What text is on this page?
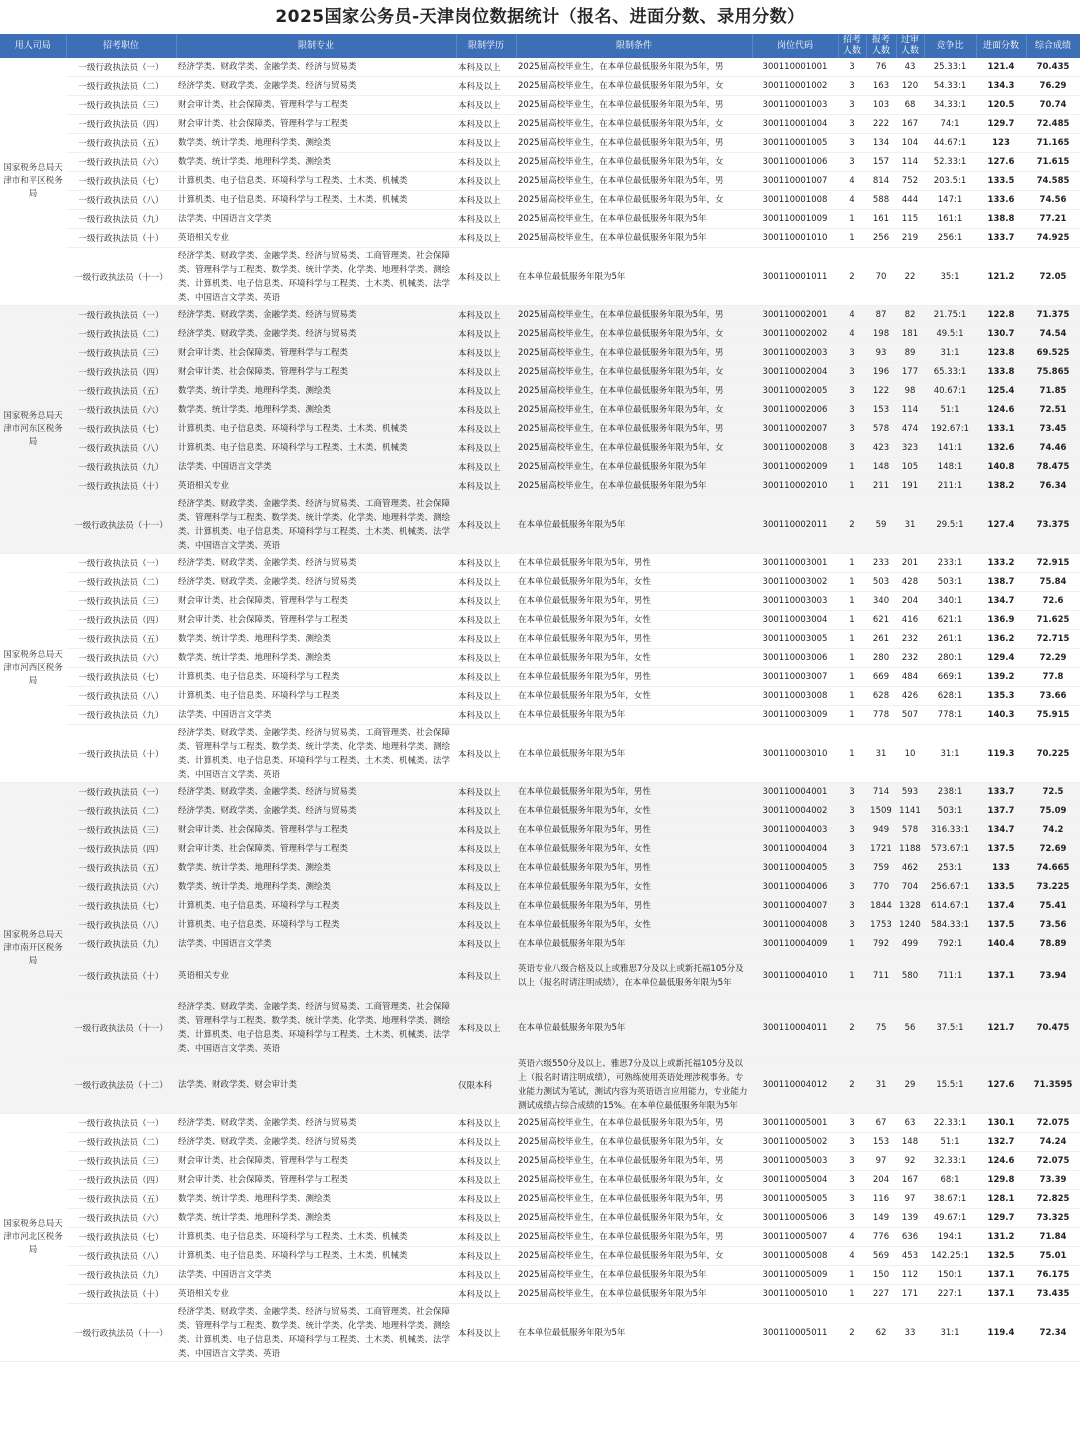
2025国家公务员-天津岗位数据统计（报名、进面分数、录用分数）
用人司局	招考职位	限制专业	限制学历	限制条件	岗位代码	招考人数	报考人数	过审人数	竞争比	进面分数	综合成绩
国家税务总局天津市和平区税务局	一级行政执法员（一）	经济学类、财政学类、金融学类、经济与贸易类	本科及以上	2025届高校毕业生，在本单位最低服务年限为5年，男	300110001001	3	76	43	25.33:1	121.4	70.435
	一级行政执法员（二）	经济学类、财政学类、金融学类、经济与贸易类	本科及以上	2025届高校毕业生，在本单位最低服务年限为5年，女	300110001002	3	163	120	54.33:1	134.3	76.29
	一级行政执法员（三）	财会审计类、社会保障类、管理科学与工程类	本科及以上	2025届高校毕业生，在本单位最低服务年限为5年，男	300110001003	3	103	68	34.33:1	120.5	70.74
	一级行政执法员（四）	财会审计类、社会保障类、管理科学与工程类	本科及以上	2025届高校毕业生，在本单位最低服务年限为5年，女	300110001004	3	222	167	74:1	129.7	72.485
	一级行政执法员（五）	数学类、统计学类、地理科学类、测绘类	本科及以上	2025届高校毕业生，在本单位最低服务年限为5年，男	300110001005	3	134	104	44.67:1	123	71.165
	一级行政执法员（六）	数学类、统计学类、地理科学类、测绘类	本科及以上	2025届高校毕业生，在本单位最低服务年限为5年，女	300110001006	3	157	114	52.33:1	127.6	71.615
	一级行政执法员（七）	计算机类、电子信息类、环境科学与工程类、土木类、机械类	本科及以上	2025届高校毕业生，在本单位最低服务年限为5年，男	300110001007	4	814	752	203.5:1	133.5	74.585
	一级行政执法员（八）	计算机类、电子信息类、环境科学与工程类、土木类、机械类	本科及以上	2025届高校毕业生，在本单位最低服务年限为5年，女	300110001008	4	588	444	147:1	133.6	74.56
	一级行政执法员（九）	法学类、中国语言文学类	本科及以上	2025届高校毕业生，在本单位最低服务年限为5年	300110001009	1	161	115	161:1	138.8	77.21
	一级行政执法员（十）	英语相关专业	本科及以上	2025届高校毕业生，在本单位最低服务年限为5年	300110001010	1	256	219	256:1	133.7	74.925
	一级行政执法员（十一）	经济学类、财政学类、金融学类、经济与贸易类、工商管理类、社会保障类、管理科学与工程类、数学类、统计学类、化学类、地理科学类、测绘类、计算机类、电子信息类、环境科学与工程类、土木类、机械类、法学类、中国语言文学类、英语	本科及以上	在本单位最低服务年限为5年	300110001011	2	70	22	35:1	121.2	72.05
国家税务总局天津市河东区税务局	一级行政执法员（一）	经济学类、财政学类、金融学类、经济与贸易类	本科及以上	2025届高校毕业生，在本单位最低服务年限为5年，男	300110002001	4	87	82	21.75:1	122.8	71.375
	一级行政执法员（二）	经济学类、财政学类、金融学类、经济与贸易类	本科及以上	2025届高校毕业生，在本单位最低服务年限为5年，女	300110002002	4	198	181	49.5:1	130.7	74.54
	一级行政执法员（三）	财会审计类、社会保障类、管理科学与工程类	本科及以上	2025届高校毕业生，在本单位最低服务年限为5年，男	300110002003	3	93	89	31:1	123.8	69.525
	一级行政执法员（四）	财会审计类、社会保障类、管理科学与工程类	本科及以上	2025届高校毕业生，在本单位最低服务年限为5年，女	300110002004	3	196	177	65.33:1	133.8	75.865
	一级行政执法员（五）	数学类、统计学类、地理科学类、测绘类	本科及以上	2025届高校毕业生，在本单位最低服务年限为5年，男	300110002005	3	122	98	40.67:1	125.4	71.85
	一级行政执法员（六）	数学类、统计学类、地理科学类、测绘类	本科及以上	2025届高校毕业生，在本单位最低服务年限为5年，女	300110002006	3	153	114	51:1	124.6	72.51
	一级行政执法员（七）	计算机类、电子信息类、环境科学与工程类、土木类、机械类	本科及以上	2025届高校毕业生，在本单位最低服务年限为5年，男	300110002007	3	578	474	192.67:1	133.1	73.45
	一级行政执法员（八）	计算机类、电子信息类、环境科学与工程类、土木类、机械类	本科及以上	2025届高校毕业生，在本单位最低服务年限为5年，女	300110002008	3	423	323	141:1	132.6	74.46
	一级行政执法员（九）	法学类、中国语言文学类	本科及以上	2025届高校毕业生，在本单位最低服务年限为5年	300110002009	1	148	105	148:1	140.8	78.475
	一级行政执法员（十）	英语相关专业	本科及以上	2025届高校毕业生，在本单位最低服务年限为5年	300110002010	1	211	191	211:1	138.2	76.34
	一级行政执法员（十一）	经济学类、财政学类、金融学类、经济与贸易类、工商管理类、社会保障类、管理科学与工程类、数学类、统计学类、化学类、地理科学类、测绘类、计算机类、电子信息类、环境科学与工程类、土木类、机械类、法学类、中国语言文学类、英语	本科及以上	在本单位最低服务年限为5年	300110002011	2	59	31	29.5:1	127.4	73.375
国家税务总局天津市河西区税务局	一级行政执法员（一）	经济学类、财政学类、金融学类、经济与贸易类	本科及以上	在本单位最低服务年限为5年，男性	300110003001	1	233	201	233:1	133.2	72.915
	一级行政执法员（二）	经济学类、财政学类、金融学类、经济与贸易类	本科及以上	在本单位最低服务年限为5年，女性	300110003002	1	503	428	503:1	138.7	75.84
	一级行政执法员（三）	财会审计类、社会保障类、管理科学与工程类	本科及以上	在本单位最低服务年限为5年，男性	300110003003	1	340	204	340:1	134.7	72.6
	一级行政执法员（四）	财会审计类、社会保障类、管理科学与工程类	本科及以上	在本单位最低服务年限为5年，女性	300110003004	1	621	416	621:1	136.9	71.625
	一级行政执法员（五）	数学类、统计学类、地理科学类、测绘类	本科及以上	在本单位最低服务年限为5年，男性	300110003005	1	261	232	261:1	136.2	72.715
	一级行政执法员（六）	数学类、统计学类、地理科学类、测绘类	本科及以上	在本单位最低服务年限为5年，女性	300110003006	1	280	232	280:1	129.4	72.29
	一级行政执法员（七）	计算机类、电子信息类、环境科学与工程类	本科及以上	在本单位最低服务年限为5年，男性	300110003007	1	669	484	669:1	139.2	77.8
	一级行政执法员（八）	计算机类、电子信息类、环境科学与工程类	本科及以上	在本单位最低服务年限为5年，女性	300110003008	1	628	426	628:1	135.3	73.66
	一级行政执法员（九）	法学类、中国语言文学类	本科及以上	在本单位最低服务年限为5年	300110003009	1	778	507	778:1	140.3	75.915
	一级行政执法员（十）	经济学类、财政学类、金融学类、经济与贸易类、工商管理类、社会保障类、管理科学与工程类、数学类、统计学类、化学类、地理科学类、测绘类、计算机类、电子信息类、环境科学与工程类、土木类、机械类、法学类、中国语言文学类、英语	本科及以上	在本单位最低服务年限为5年	300110003010	1	31	10	31:1	119.3	70.225
国家税务总局天津市南开区税务局	一级行政执法员（一）	经济学类、财政学类、金融学类、经济与贸易类	本科及以上	在本单位最低服务年限为5年，男性	300110004001	3	714	593	238:1	133.7	72.5
	一级行政执法员（二）	经济学类、财政学类、金融学类、经济与贸易类	本科及以上	在本单位最低服务年限为5年，女性	300110004002	3	1509	1141	503:1	137.7	75.09
	一级行政执法员（三）	财会审计类、社会保障类、管理科学与工程类	本科及以上	在本单位最低服务年限为5年，男性	300110004003	3	949	578	316.33:1	134.7	74.2
	一级行政执法员（四）	财会审计类、社会保障类、管理科学与工程类	本科及以上	在本单位最低服务年限为5年，女性	300110004004	3	1721	1188	573.67:1	137.5	72.69
	一级行政执法员（五）	数学类、统计学类、地理科学类、测绘类	本科及以上	在本单位最低服务年限为5年，男性	300110004005	3	759	462	253:1	133	74.665
	一级行政执法员（六）	数学类、统计学类、地理科学类、测绘类	本科及以上	在本单位最低服务年限为5年，女性	300110004006	3	770	704	256.67:1	133.5	73.225
	一级行政执法员（七）	计算机类、电子信息类、环境科学与工程类	本科及以上	在本单位最低服务年限为5年，男性	300110004007	3	1844	1328	614.67:1	137.4	75.41
	一级行政执法员（八）	计算机类、电子信息类、环境科学与工程类	本科及以上	在本单位最低服务年限为5年，女性	300110004008	3	1753	1240	584.33:1	137.5	73.56
	一级行政执法员（九）	法学类、中国语言文学类	本科及以上	在本单位最低服务年限为5年	300110004009	1	792	499	792:1	140.4	78.89
	一级行政执法员（十）	英语相关专业	本科及以上	英语专业八级合格及以上或雅思7分及以上或新托福105分及以上（报名时请注明成绩），在本单位最低服务年限为5年	300110004010	1	711	580	711:1	137.1	73.94
	一级行政执法员（十一）	经济学类、财政学类、金融学类、经济与贸易类、工商管理类、社会保障类、管理科学与工程类、数学类、统计学类、化学类、地理科学类、测绘类、计算机类、电子信息类、环境科学与工程类、土木类、机械类、法学类、中国语言文学类、英语	本科及以上	在本单位最低服务年限为5年	300110004011	2	75	56	37.5:1	121.7	70.475
	一级行政执法员（十二）	法学类、财政学类、财会审计类	仅限本科	英语六级550分及以上、雅思7分及以上或新托福105分及以上（报名时请注明成绩），可熟练使用英语处理涉税事务。专业能力测试为笔试，测试内容为英语语言应用能力，专业能力测试成绩占综合成绩的15%。在本单位最低服务年限为5年	300110004012	2	31	29	15.5:1	127.6	71.3595
国家税务总局天津市河北区税务局	一级行政执法员（一）	经济学类、财政学类、金融学类、经济与贸易类	本科及以上	2025届高校毕业生，在本单位最低服务年限为5年，男	300110005001	3	67	63	22.33:1	130.1	72.075
	一级行政执法员（二）	经济学类、财政学类、金融学类、经济与贸易类	本科及以上	2025届高校毕业生，在本单位最低服务年限为5年，女	300110005002	3	153	148	51:1	132.7	74.24
	一级行政执法员（三）	财会审计类、社会保障类、管理科学与工程类	本科及以上	2025届高校毕业生，在本单位最低服务年限为5年，男	300110005003	3	97	92	32.33:1	124.6	72.075
	一级行政执法员（四）	财会审计类、社会保障类、管理科学与工程类	本科及以上	2025届高校毕业生，在本单位最低服务年限为5年，女	300110005004	3	204	167	68:1	129.8	73.39
	一级行政执法员（五）	数学类、统计学类、地理科学类、测绘类	本科及以上	2025届高校毕业生，在本单位最低服务年限为5年，男	300110005005	3	116	97	38.67:1	128.1	72.825
	一级行政执法员（六）	数学类、统计学类、地理科学类、测绘类	本科及以上	2025届高校毕业生，在本单位最低服务年限为5年，女	300110005006	3	149	139	49.67:1	129.7	73.325
	一级行政执法员（七）	计算机类、电子信息类、环境科学与工程类、土木类、机械类	本科及以上	2025届高校毕业生，在本单位最低服务年限为5年，男	300110005007	4	776	636	194:1	131.2	71.84
	一级行政执法员（八）	计算机类、电子信息类、环境科学与工程类、土木类、机械类	本科及以上	2025届高校毕业生，在本单位最低服务年限为5年，女	300110005008	4	569	453	142.25:1	132.5	75.01
	一级行政执法员（九）	法学类、中国语言文学类	本科及以上	2025届高校毕业生，在本单位最低服务年限为5年	300110005009	1	150	112	150:1	137.1	76.175
	一级行政执法员（十）	英语相关专业	本科及以上	2025届高校毕业生，在本单位最低服务年限为5年	300110005010	1	227	171	227:1	137.1	73.435
	一级行政执法员（十一）	经济学类、财政学类、金融学类、经济与贸易类、工商管理类、社会保障类、管理科学与工程类、数学类、统计学类、化学类、地理科学类、测绘类、计算机类、电子信息类、环境科学与工程类、土木类、机械类、法学类、中国语言文学类、英语	本科及以上	在本单位最低服务年限为5年	300110005011	2	62	33	31:1	119.4	72.34
